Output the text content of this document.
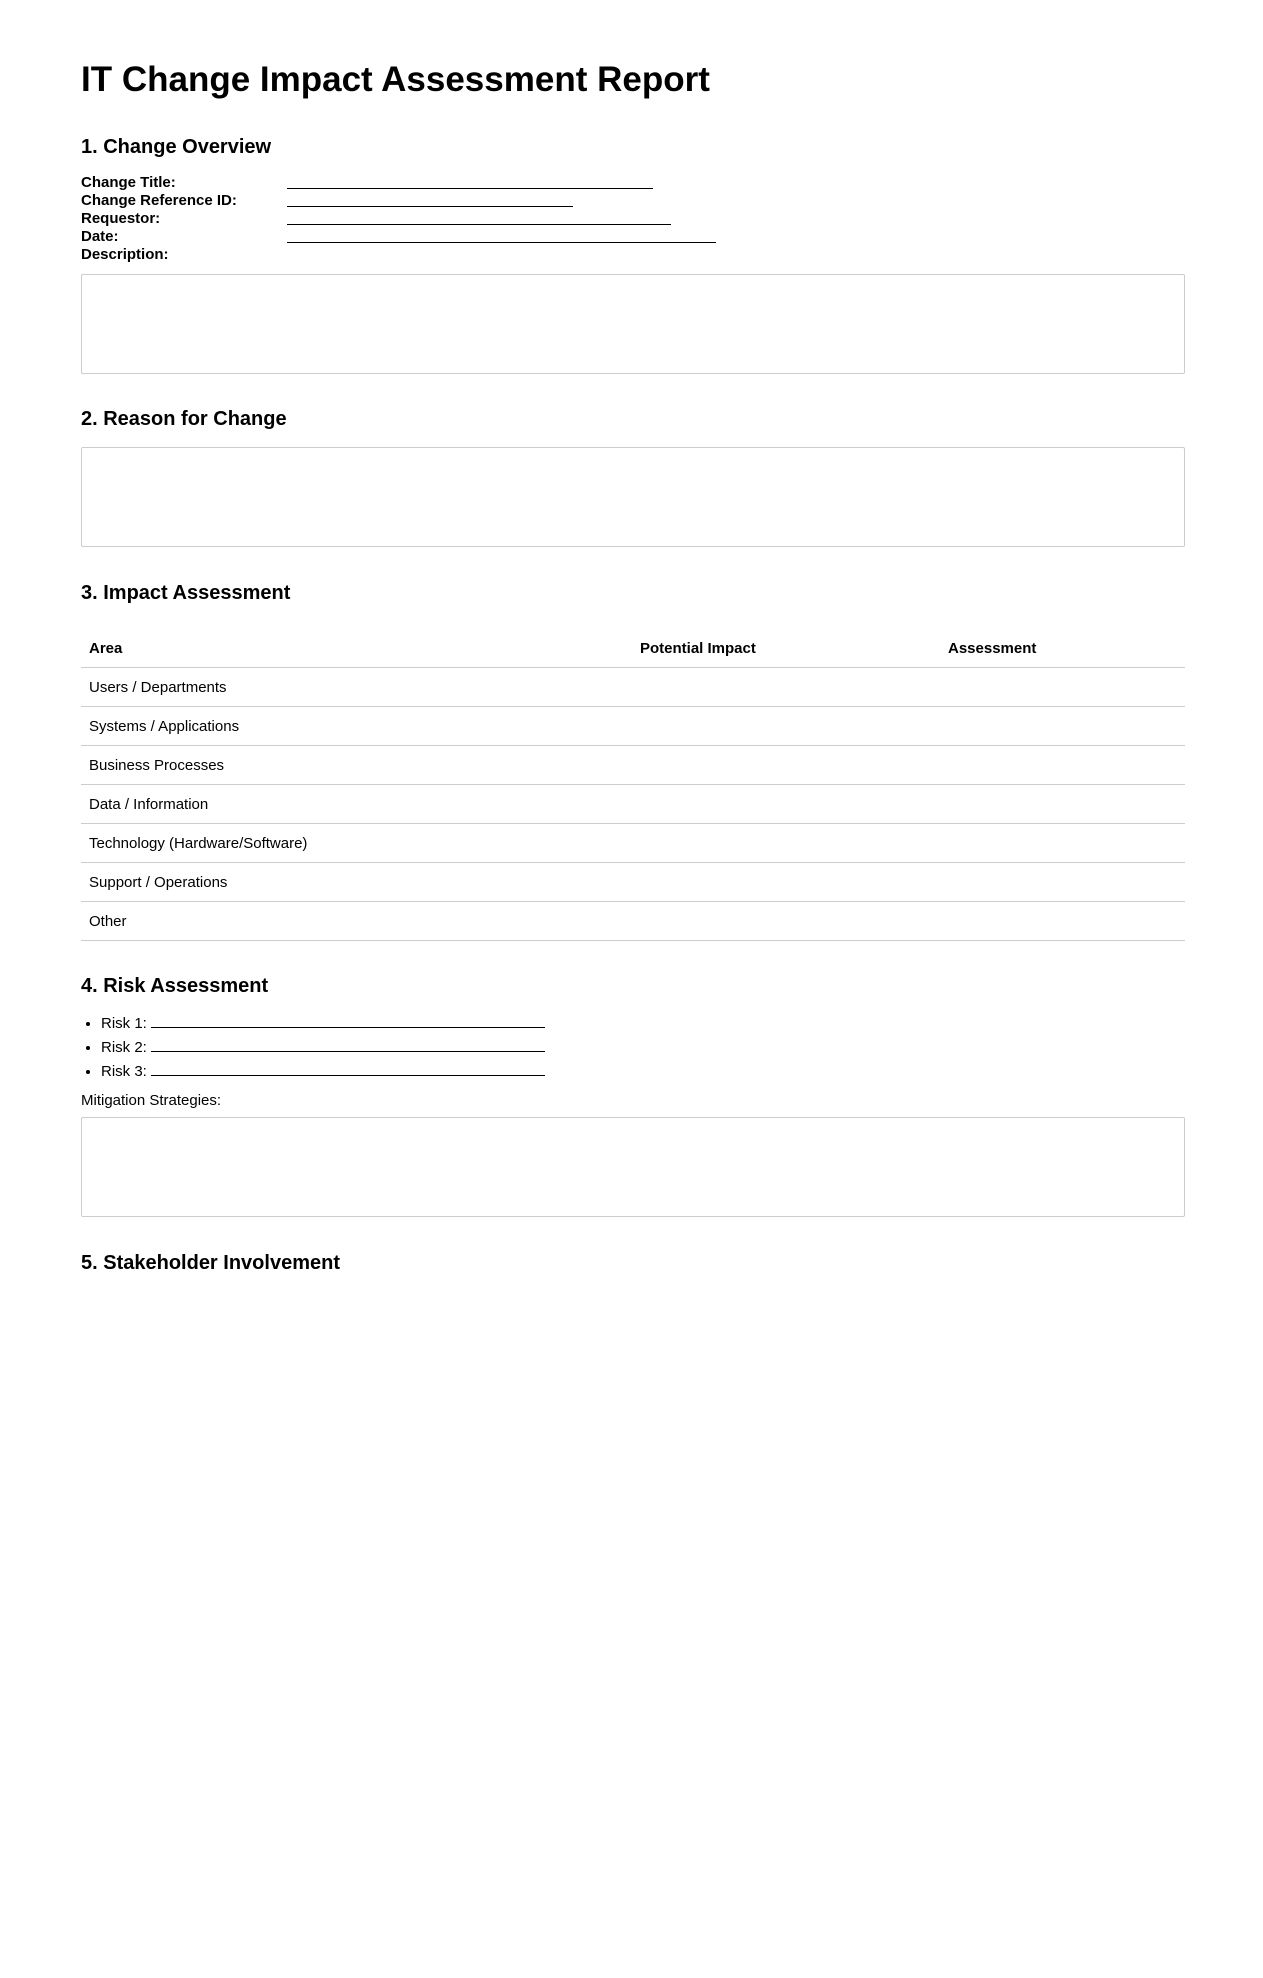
IT Change Impact Assessment Report
1. Change Overview
Change Title:
Change Reference ID:
Requestor:
Date:
Description:
2. Reason for Change
3. Impact Assessment
Area	Potential Impact	Assessment
Users / Departments		
Systems / Applications		
Business Processes		
Data / Information		
Technology (Hardware/Software)		
Support / Operations		
Other		
4. Risk Assessment
• Risk 1:
• Risk 2:
• Risk 3:
Mitigation Strategies:
5. Stakeholder Involvement
